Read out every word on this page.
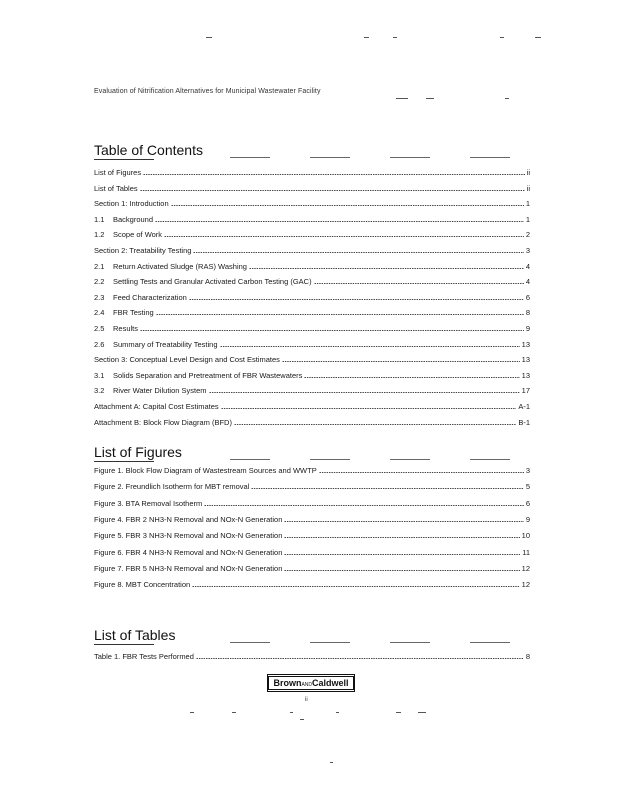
Evaluation of Nitrification Alternatives for Municipal Wastewater Facility
Table of Contents
List of Figures	ii
List of Tables	ii
Section 1: Introduction	1
1.1	Background	1
1.2	Scope of Work	2
Section 2: Treatability Testing	3
2.1	Return Activated Sludge (RAS) Washing	4
2.2	Settling Tests and Granular Activated Carbon Testing (GAC)	4
2.3	Feed Characterization	6
2.4	FBR Testing	8
2.5	Results	9
2.6	Summary of Treatability Testing	13
Section 3: Conceptual Level Design and Cost Estimates	13
3.1	Solids Separation and Pretreatment of FBR Wastewaters	13
3.2	River Water Dilution System	17
Attachment A: Capital Cost Estimates	A-1
Attachment B: Block Flow Diagram (BFD)	B-1
List of Figures
Figure 1. Block Flow Diagram of Wastestream Sources and WWTP	3
Figure 2. Freundlich Isotherm for MBT removal	5
Figure 3. BTA Removal Isotherm	6
Figure 4. FBR 2 NH3-N Removal and NOx-N Generation	9
Figure 5. FBR 3 NH3-N Removal and NOx-N Generation	10
Figure 6. FBR 4 NH3-N Removal and NOx-N Generation	11
Figure 7. FBR 5 NH3-N Removal and NOx-N Generation	12
Figure 8. MBT Concentration	12
List of Tables
Table 1. FBR Tests Performed	8
BrownANDCaldwell
ii
